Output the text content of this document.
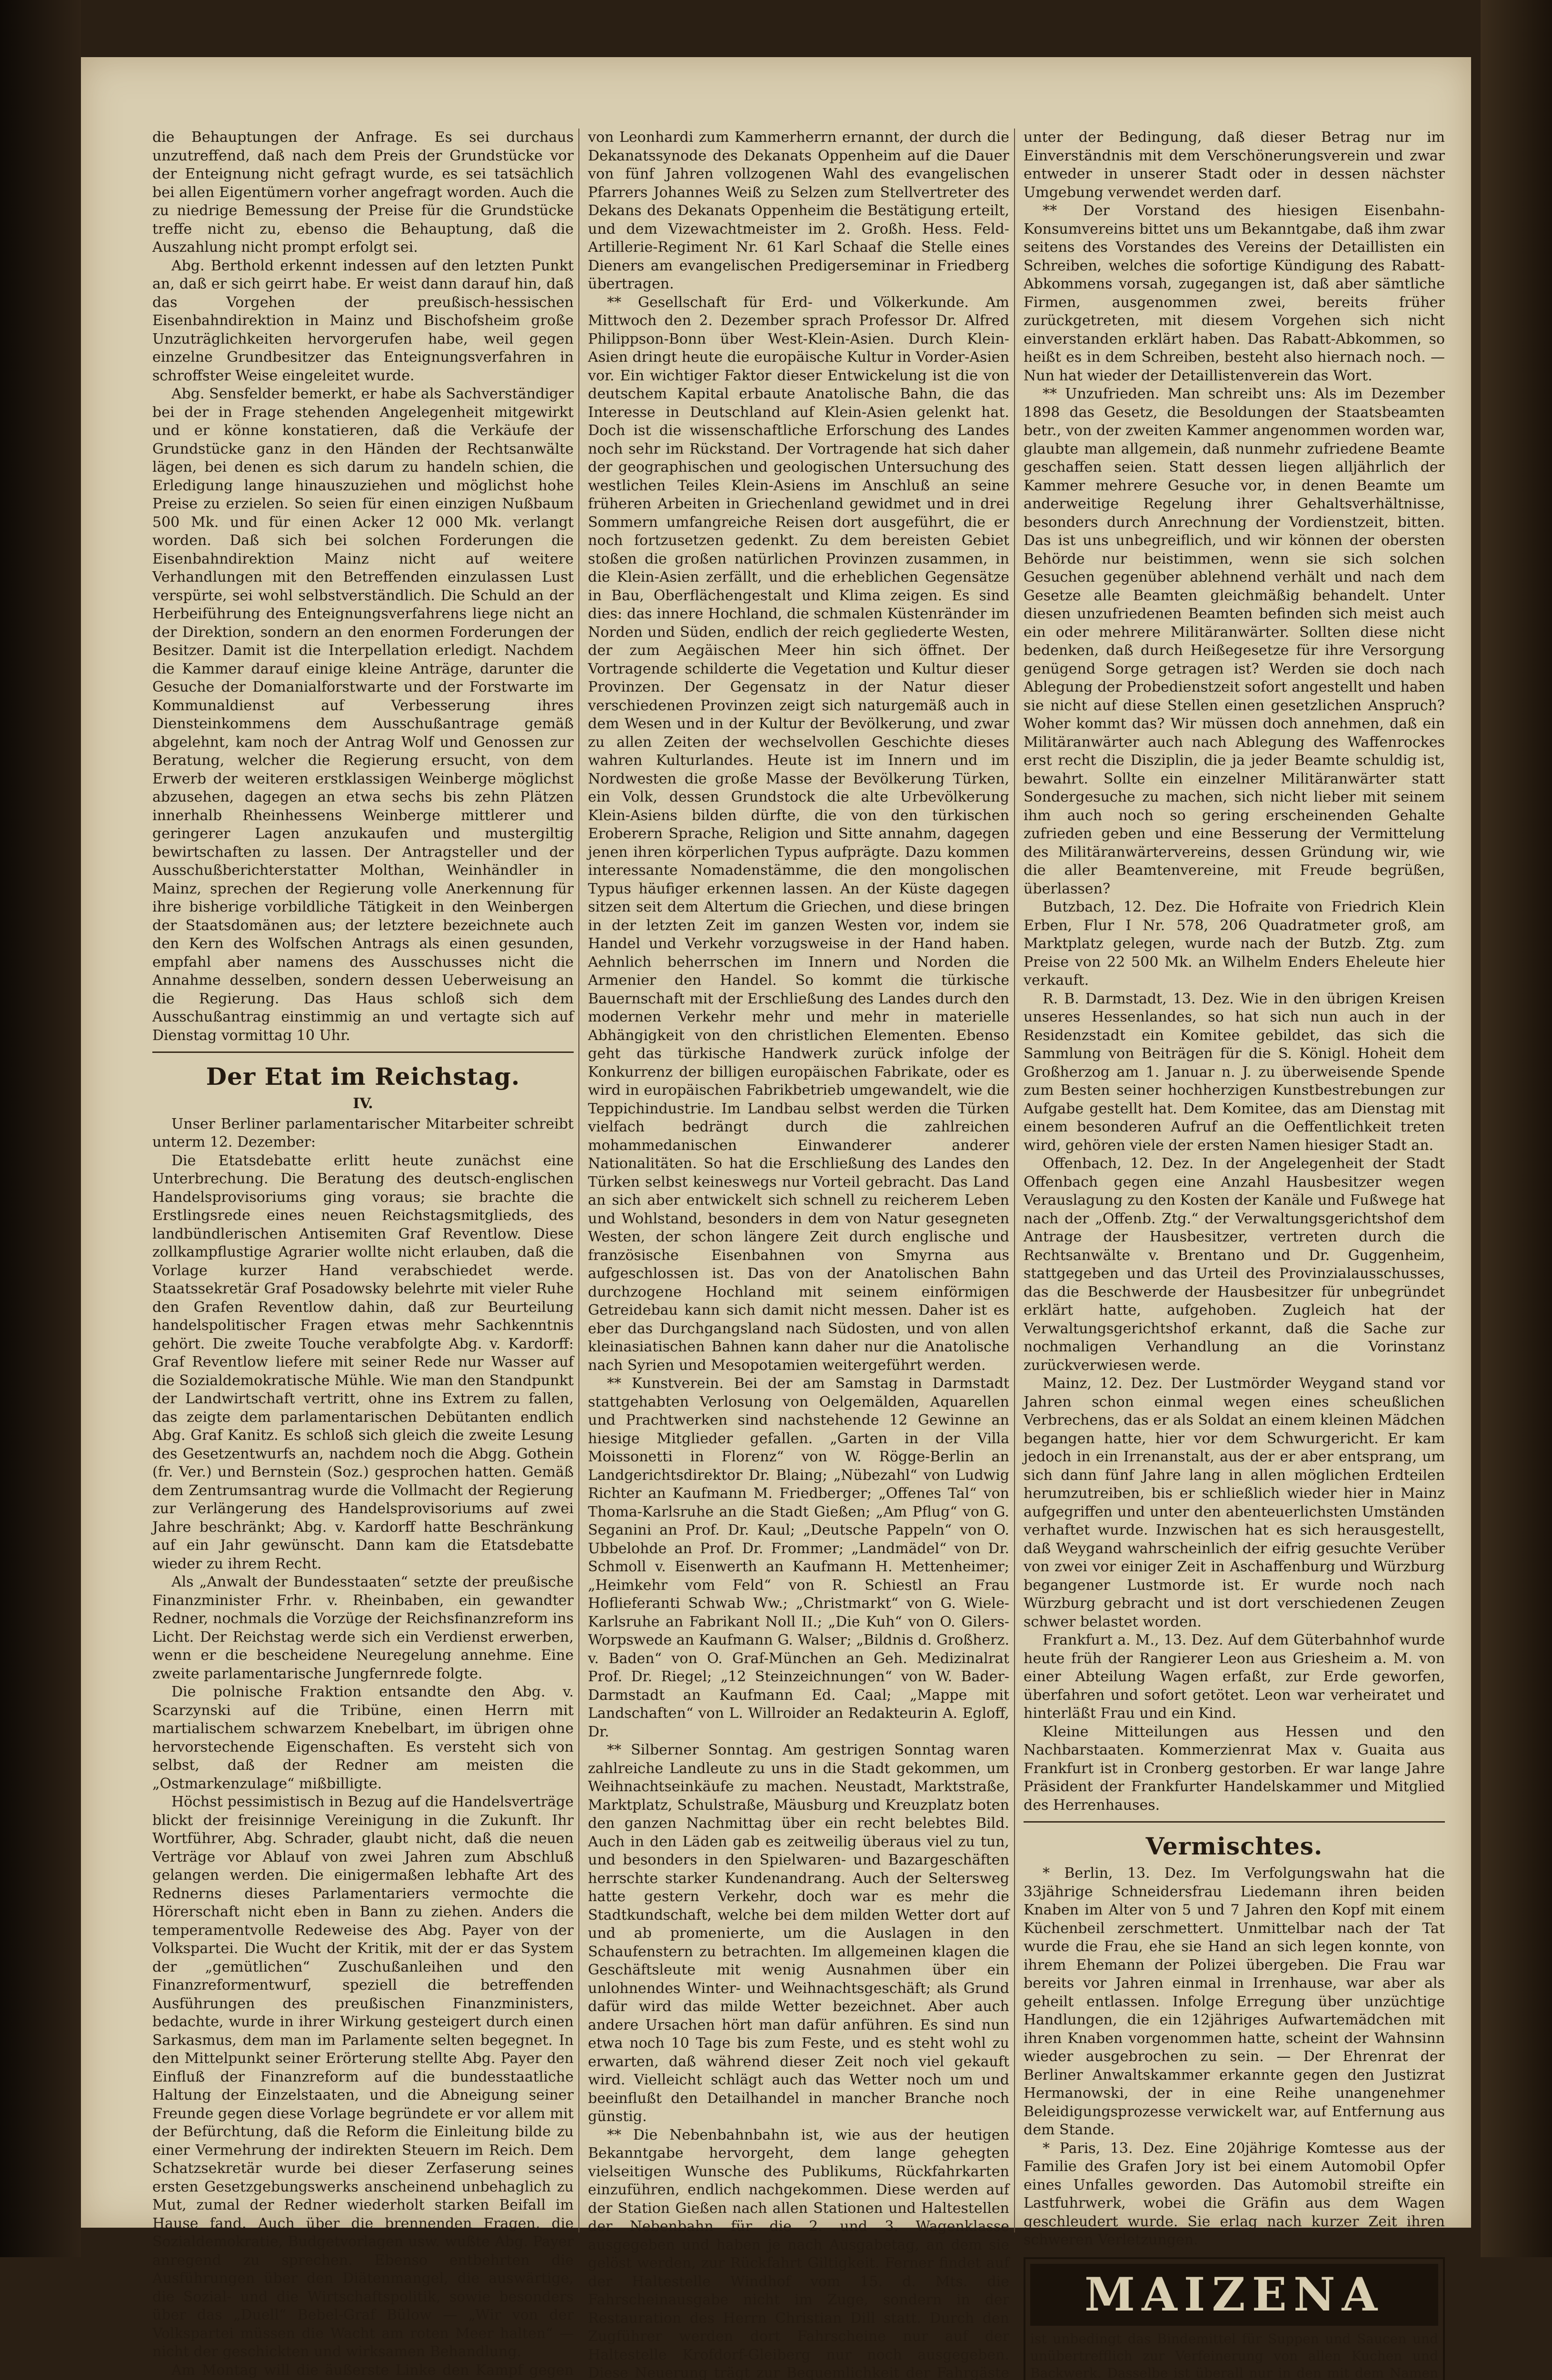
die Behauptungen der Anfrage. Es sei durchaus unzutreffend, daß nach dem Preis der Grundstücke vor der Enteignung nicht gefragt wurde, es sei tatsächlich bei allen Eigentümern vorher angefragt worden. Auch die zu niedrige Bemessung der Preise für die Grundstücke treffe nicht zu, ebenso die Behauptung, daß die Auszahlung nicht prompt erfolgt sei.

Abg. Berthold erkennt indessen auf den letzten Punkt an, daß er sich geirrt habe. Er weist dann darauf hin, daß das Vorgehen der preußisch-hessischen Eisenbahndirektion in Mainz und Bischofsheim große Unzuträglichkeiten hervorgerufen habe, weil gegen einzelne Grundbesitzer das Enteignungsverfahren in schroffster Weise eingeleitet wurde.

Abg. Sensfelder bemerkt, er habe als Sachverständiger bei der in Frage stehenden Angelegenheit mitgewirkt und er könne konstatieren, daß die Verkäufe der Grundstücke ganz in den Händen der Rechtsanwälte lägen, bei denen es sich darum zu handeln schien, die Erledigung lange hinauszuziehen und möglichst hohe Preise zu erzielen. So seien für einen einzigen Nußbaum 500 Mk. und für einen Acker 12 000 Mk. verlangt worden. Daß sich bei solchen Forderungen die Eisenbahndirektion Mainz nicht auf weitere Verhandlungen mit den Betreffenden einzulassen Lust verspürte, sei wohl selbstverständlich. Die Schuld an der Herbeiführung des Enteignungsverfahrens liege nicht an der Direktion, sondern an den enormen Forderungen der Besitzer. Damit ist die Interpellation erledigt. Nachdem die Kammer darauf einige kleine Anträge, darunter die Gesuche der Domanialforstwarte und der Forstwarte im Kommunaldienst auf Verbesserung ihres Diensteinkommens dem Ausschußantrage gemäß abgelehnt, kam noch der Antrag Wolf und Genossen zur Beratung, welcher die Regierung ersucht, von dem Erwerb der weiteren erstklassigen Weinberge möglichst abzusehen, dagegen an etwa sechs bis zehn Plätzen innerhalb Rheinhessens Weinberge mittlerer und geringerer Lagen anzukaufen und mustergiltig bewirtschaften zu lassen. Der Antragsteller und der Ausschußberichterstatter Molthan, Weinhändler in Mainz, sprechen der Regierung volle Anerkennung für ihre bisherige vorbildliche Tätigkeit in den Weinbergen der Staatsdomänen aus; der letztere bezeichnete auch den Kern des Wolfschen Antrags als einen gesunden, empfahl aber namens des Ausschusses nicht die Annahme desselben, sondern dessen Ueberweisung an die Regierung. Das Haus schloß sich dem Ausschußantrag einstimmig an und vertagte sich auf Dienstag vormittag 10 Uhr.

Der Etat im Reichstag.
IV.

Unser Berliner parlamentarischer Mitarbeiter schreibt unterm 12. Dezember:

Die Etatsdebatte erlitt heute zunächst eine Unterbrechung. Die Beratung des deutsch-englischen Handelsprovisoriums ging voraus; sie brachte die Erstlingsrede eines neuen Reichstagsmitglieds, des landbündlerischen Antisemiten Graf Reventlow. Diese zollkampflustige Agrarier wollte nicht erlauben, daß die Vorlage kurzer Hand verabschiedet werde. Staatssekretär Graf Posadowsky belehrte mit vieler Ruhe den Grafen Reventlow dahin, daß zur Beurteilung handelspolitischer Fragen etwas mehr Sachkenntnis gehört. Die zweite Touche verabfolgte Abg. v. Kardorff: Graf Reventlow liefere mit seiner Rede nur Wasser auf die Sozialdemokratische Mühle. Wie man den Standpunkt der Landwirtschaft vertritt, ohne ins Extrem zu fallen, das zeigte dem parlamentarischen Debütanten endlich Abg. Graf Kanitz. Es schloß sich gleich die zweite Lesung des Gesetzentwurfs an, nachdem noch die Abgg. Gothein (fr. Ver.) und Bernstein (Soz.) gesprochen hatten. Gemäß dem Zentrumsantrag wurde die Vollmacht der Regierung zur Verlängerung des Handelsprovisoriums auf zwei Jahre beschränkt; Abg. v. Kardorff hatte Beschränkung auf ein Jahr gewünscht. Dann kam die Etatsdebatte wieder zu ihrem Recht.

Als „Anwalt der Bundesstaaten“ setzte der preußische Finanzminister Frhr. v. Rheinbaben, ein gewandter Redner, nochmals die Vorzüge der Reichsfinanzreform ins Licht. Der Reichstag werde sich ein Verdienst erwerben, wenn er die bescheidene Neuregelung annehme. Eine zweite parlamentarische Jungfernrede folgte.

Die polnische Fraktion entsandte den Abg. v. Scarzynski auf die Tribüne, einen Herrn mit martialischem schwarzem Knebelbart, im übrigen ohne hervorstechende Eigenschaften. Es versteht sich von selbst, daß der Redner am meisten die „Ostmarkenzulage“ mißbilligte.

Höchst pessimistisch in Bezug auf die Handelsverträge blickt der freisinnige Vereinigung in die Zukunft. Ihr Wortführer, Abg. Schrader, glaubt nicht, daß die neuen Verträge vor Ablauf von zwei Jahren zum Abschluß gelangen werden. Die einigermaßen lebhafte Art des Rednerns dieses Parlamentariers vermochte die Hörerschaft nicht eben in Bann zu ziehen. Anders die temperamentvolle Redeweise des Abg. Payer von der Volkspartei. Die Wucht der Kritik, mit der er das System der „gemütlichen“ Zuschußanleihen und den Finanzreformentwurf, speziell die betreffenden Ausführungen des preußischen Finanzministers, bedachte, wurde in ihrer Wirkung gesteigert durch einen Sarkasmus, dem man im Parlamente selten begegnet. In den Mittelpunkt seiner Erörterung stellte Abg. Payer den Einfluß der Finanzreform auf die bundesstaatliche Haltung der Einzelstaaten, und die Abneigung seiner Freunde gegen diese Vorlage begründete er vor allem mit der Befürchtung, daß die Reform die Einleitung bilde zu einer Vermehrung der indirekten Steuern im Reich. Dem Schatzsekretär wurde bei dieser Zerfaserung seines ersten Gesetzgebungswerks anscheinend unbehaglich zu Mut, zumal der Redner wiederholt starken Beifall im Hause fand. Auch über die brennenden Fragen, die Sozialdemokratie, Budgetvorlagen usw. wußte Abg. Payer anregend zu sprechen. Ebenso entbehrten die Ausführungen über den Diätenmangel, die auswärtige, die Sozial- und die Wirtschaftspolitik, sowie besonders über das „Duell“ Bebel-Graf Bülow — „Wir von der Volkspartei müssen die Wacht am roten Meer halten“ — nicht der geschickten und wirksamen Behandlung.

Am Montag will die äußerste Linke den Kampf gegen

von Leonhardi zum Kammerherrn ernannt, der durch die Dekanatssynode des Dekanats Oppenheim auf die Dauer von fünf Jahren vollzogenen Wahl des evangelischen Pfarrers Johannes Weiß zu Selzen zum Stellvertreter des Dekans des Dekanats Oppenheim die Bestätigung erteilt, und dem Vizewachtmeister im 2. Großh. Hess. Feld-Artillerie-Regiment Nr. 61 Karl Schaaf die Stelle eines Dieners am evangelischen Predigerseminar in Friedberg übertragen.

** Gesellschaft für Erd- und Völkerkunde. Am Mittwoch den 2. Dezember sprach Professor Dr. Alfred Philippson-Bonn über West-Klein-Asien. Durch Klein-Asien dringt heute die europäische Kultur in Vorder-Asien vor. Ein wichtiger Faktor dieser Entwickelung ist die von deutschem Kapital erbaute Anatolische Bahn, die das Interesse in Deutschland auf Klein-Asien gelenkt hat. Doch ist die wissenschaftliche Erforschung des Landes noch sehr im Rückstand. Der Vortragende hat sich daher der geographischen und geologischen Untersuchung des westlichen Teiles Klein-Asiens im Anschluß an seine früheren Arbeiten in Griechenland gewidmet und in drei Sommern umfangreiche Reisen dort ausgeführt, die er noch fortzusetzen gedenkt. Zu dem bereisten Gebiet stoßen die großen natürlichen Provinzen zusammen, in die Klein-Asien zerfällt, und die erheblichen Gegensätze in Bau, Oberflächengestalt und Klima zeigen. Es sind dies: das innere Hochland, die schmalen Küstenränder im Norden und Süden, endlich der reich gegliederte Westen, der zum Aegäischen Meer hin sich öffnet. Der Vortragende schilderte die Vegetation und Kultur dieser Provinzen. Der Gegensatz in der Natur dieser verschiedenen Provinzen zeigt sich naturgemäß auch in dem Wesen und in der Kultur der Bevölkerung, und zwar zu allen Zeiten der wechselvollen Geschichte dieses wahren Kulturlandes. Heute ist im Innern und im Nordwesten die große Masse der Bevölkerung Türken, ein Volk, dessen Grundstock die alte Urbevölkerung Klein-Asiens bilden dürfte, die von den türkischen Eroberern Sprache, Religion und Sitte annahm, dagegen jenen ihren körperlichen Typus aufprägte. Dazu kommen interessante Nomadenstämme, die den mongolischen Typus häufiger erkennen lassen. An der Küste dagegen sitzen seit dem Altertum die Griechen, und diese bringen in der letzten Zeit im ganzen Westen vor, indem sie Handel und Verkehr vorzugsweise in der Hand haben. Aehnlich beherrschen im Innern und Norden die Armenier den Handel. So kommt die türkische Bauernschaft mit der Erschließung des Landes durch den modernen Verkehr mehr und mehr in materielle Abhängigkeit von den christlichen Elementen. Ebenso geht das türkische Handwerk zurück infolge der Konkurrenz der billigen europäischen Fabrikate, oder es wird in europäischen Fabrikbetrieb umgewandelt, wie die Teppichindustrie. Im Landbau selbst werden die Türken vielfach bedrängt durch die zahlreichen mohammedanischen Einwanderer anderer Nationalitäten. So hat die Erschließung des Landes den Türken selbst keineswegs nur Vorteil gebracht. Das Land an sich aber entwickelt sich schnell zu reicherem Leben und Wohlstand, besonders in dem von Natur gesegneten Westen, der schon längere Zeit durch englische und französische Eisenbahnen von Smyrna aus aufgeschlossen ist. Das von der Anatolischen Bahn durchzogene Hochland mit seinem einförmigen Getreidebau kann sich damit nicht messen. Daher ist es eber das Durchgangsland nach Südosten, und von allen kleinasiatischen Bahnen kann daher nur die Anatolische nach Syrien und Mesopotamien weitergeführt werden.

** Kunstverein. Bei der am Samstag in Darmstadt stattgehabten Verlosung von Oelgemälden, Aquarellen und Prachtwerken sind nachstehende 12 Gewinne an hiesige Mitglieder gefallen. „Garten in der Villa Moissonetti in Florenz“ von W. Rögge-Berlin an Landgerichtsdirektor Dr. Blaing; „Nübezahl“ von Ludwig Richter an Kaufmann M. Friedberger; „Offenes Tal“ von Thoma-Karlsruhe an die Stadt Gießen; „Am Pflug“ von G. Seganini an Prof. Dr. Kaul; „Deutsche Pappeln“ von O. Ubbelohde an Prof. Dr. Frommer; „Landmädel“ von Dr. Schmoll v. Eisenwerth an Kaufmann H. Mettenheimer; „Heimkehr vom Feld“ von R. Schiestl an Frau Hoflieferanti Schwab Ww.; „Christmarkt“ von G. Wiele-Karlsruhe an Fabrikant Noll II.; „Die Kuh“ von O. Gilers-Worpswede an Kaufmann G. Walser; „Bildnis d. Großherz. v. Baden“ von O. Graf-München an Geh. Medizinalrat Prof. Dr. Riegel; „12 Steinzeichnungen“ von W. Bader-Darmstadt an Kaufmann Ed. Caal; „Mappe mit Landschaften“ von L. Willroider an Redakteurin A. Egloff, Dr.

** Silberner Sonntag. Am gestrigen Sonntag waren zahlreiche Landleute zu uns in die Stadt gekommen, um Weihnachtseinkäufe zu machen. Neustadt, Marktstraße, Marktplatz, Schulstraße, Mäusburg und Kreuzplatz boten den ganzen Nachmittag über ein recht belebtes Bild. Auch in den Läden gab es zeitweilig überaus viel zu tun, und besonders in den Spielwaren- und Bazargeschäften herrschte starker Kundenandrang. Auch der Seltersweg hatte gestern Verkehr, doch war es mehr die Stadtkundschaft, welche bei dem milden Wetter dort auf und ab promenierte, um die Auslagen in den Schaufenstern zu betrachten. Im allgemeinen klagen die Geschäftsleute mit wenig Ausnahmen über ein unlohnendes Winter- und Weihnachtsgeschäft; als Grund dafür wird das milde Wetter bezeichnet. Aber auch andere Ursachen hört man dafür anführen. Es sind nun etwa noch 10 Tage bis zum Feste, und es steht wohl zu erwarten, daß während dieser Zeit noch viel gekauft wird. Vielleicht schlägt auch das Wetter noch um und beeinflußt den Detailhandel in mancher Branche noch günstig.

** Die Nebenbahnbahn ist, wie aus der heutigen Bekanntgabe hervorgeht, dem lange gehegten vielseitigen Wunsche des Publikums, Rückfahrkarten einzuführen, endlich nachgekommen. Diese werden auf der Station Gießen nach allen Stationen und Haltestellen der Nebenbahn für die 2. und 3. Wagenklasse ausgegeben und haben je nach Ausgabetag, an dem sie gelöst werden, zur Rückfahrt Giltigkeit. Ferner findet auf der Haltestelle Windhof vom 15. d. Mts. die Fahrscheinausgabe nicht im Zuge, sondern in der Restauration des Herrn Christian Dill statt. Durch den Zugführer werden dort Fahrscheine nur auf der Haltestelle Krofdorf-Gleiberg nur noch ausgegeben. Diese Neuerung trägt zur Bequemlichkeit der Fahrgäste

unter der Bedingung, daß dieser Betrag nur im Einverständnis mit dem Verschönerungsverein und zwar entweder in unserer Stadt oder in dessen nächster Umgebung verwendet werden darf.

** Der Vorstand des hiesigen Eisenbahn-Konsumvereins bittet uns um Bekanntgabe, daß ihm zwar seitens des Vorstandes des Vereins der Detaillisten ein Schreiben, welches die sofortige Kündigung des Rabatt-Abkommens vorsah, zugegangen ist, daß aber sämtliche Firmen, ausgenommen zwei, bereits früher zurückgetreten, mit diesem Vorgehen sich nicht einverstanden erklärt haben. Das Rabatt-Abkommen, so heißt es in dem Schreiben, besteht also hiernach noch. — Nun hat wieder der Detaillistenverein das Wort.

** Unzufrieden. Man schreibt uns: Als im Dezember 1898 das Gesetz, die Besoldungen der Staatsbeamten betr., von der zweiten Kammer angenommen worden war, glaubte man allgemein, daß nunmehr zufriedene Beamte geschaffen seien. Statt dessen liegen alljährlich der Kammer mehrere Gesuche vor, in denen Beamte um anderweitige Regelung ihrer Gehaltsverhältnisse, besonders durch Anrechnung der Vordienstzeit, bitten. Das ist uns unbegreiflich, und wir können der obersten Behörde nur beistimmen, wenn sie sich solchen Gesuchen gegenüber ablehnend verhält und nach dem Gesetze alle Beamten gleichmäßig behandelt. Unter diesen unzufriedenen Beamten befinden sich meist auch ein oder mehrere Militäranwärter. Sollten diese nicht bedenken, daß durch Heißegesetze für ihre Versorgung genügend Sorge getragen ist? Werden sie doch nach Ablegung der Probedienstzeit sofort angestellt und haben sie nicht auf diese Stellen einen gesetzlichen Anspruch? Woher kommt das? Wir müssen doch annehmen, daß ein Militäranwärter auch nach Ablegung des Waffenrockes erst recht die Disziplin, die ja jeder Beamte schuldig ist, bewahrt. Sollte ein einzelner Militäranwärter statt Sondergesuche zu machen, sich nicht lieber mit seinem ihm auch noch so gering erscheinenden Gehalte zufrieden geben und eine Besserung der Vermittelung des Militäranwärtervereins, dessen Gründung wir, wie die aller Beamtenvereine, mit Freude begrüßen, überlassen?

Butzbach, 12. Dez. Die Hofraite von Friedrich Klein Erben, Flur I Nr. 578, 206 Quadratmeter groß, am Marktplatz gelegen, wurde nach der Butzb. Ztg. zum Preise von 22 500 Mk. an Wilhelm Enders Eheleute hier verkauft.

R. B. Darmstadt, 13. Dez. Wie in den übrigen Kreisen unseres Hessenlandes, so hat sich nun auch in der Residenzstadt ein Komitee gebildet, das sich die Sammlung von Beiträgen für die S. Königl. Hoheit dem Großherzog am 1. Januar n. J. zu überweisende Spende zum Besten seiner hochherzigen Kunstbestrebungen zur Aufgabe gestellt hat. Dem Komitee, das am Dienstag mit einem besonderen Aufruf an die Oeffentlichkeit treten wird, gehören viele der ersten Namen hiesiger Stadt an.

Offenbach, 12. Dez. In der Angelegenheit der Stadt Offenbach gegen eine Anzahl Hausbesitzer wegen Verauslagung zu den Kosten der Kanäle und Fußwege hat nach der „Offenb. Ztg.“ der Verwaltungsgerichtshof dem Antrage der Hausbesitzer, vertreten durch die Rechtsanwälte v. Brentano und Dr. Guggenheim, stattgegeben und das Urteil des Provinzialausschusses, das die Beschwerde der Hausbesitzer für unbegründet erklärt hatte, aufgehoben. Zugleich hat der Verwaltungsgerichtshof erkannt, daß die Sache zur nochmaligen Verhandlung an die Vorinstanz zurückverwiesen werde.

Mainz, 12. Dez. Der Lustmörder Weygand stand vor Jahren schon einmal wegen eines scheußlichen Verbrechens, das er als Soldat an einem kleinen Mädchen begangen hatte, hier vor dem Schwurgericht. Er kam jedoch in ein Irrenanstalt, aus der er aber entsprang, um sich dann fünf Jahre lang in allen möglichen Erdteilen herumzutreiben, bis er schließlich wieder hier in Mainz aufgegriffen und unter den abenteuerlichsten Umständen verhaftet wurde. Inzwischen hat es sich herausgestellt, daß Weygand wahrscheinlich der eifrig gesuchte Verüber von zwei vor einiger Zeit in Aschaffenburg und Würzburg begangener Lustmorde ist. Er wurde noch nach Würzburg gebracht und ist dort verschiedenen Zeugen schwer belastet worden.

Frankfurt a. M., 13. Dez. Auf dem Güterbahnhof wurde heute früh der Rangierer Leon aus Griesheim a. M. von einer Abteilung Wagen erfaßt, zur Erde geworfen, überfahren und sofort getötet. Leon war verheiratet und hinterläßt Frau und ein Kind.

Kleine Mitteilungen aus Hessen und den Nachbarstaaten. Kommerzienrat Max v. Guaita aus Frankfurt ist in Cronberg gestorben. Er war lange Jahre Präsident der Frankfurter Handelskammer und Mitglied des Herrenhauses.

Vermischtes.

* Berlin, 13. Dez. Im Verfolgungswahn hat die 33jährige Schneidersfrau Liedemann ihren beiden Knaben im Alter von 5 und 7 Jahren den Kopf mit einem Küchenbeil zerschmettert. Unmittelbar nach der Tat wurde die Frau, ehe sie Hand an sich legen konnte, von ihrem Ehemann der Polizei übergeben. Die Frau war bereits vor Jahren einmal in Irrenhause, war aber als geheilt entlassen. Infolge Erregung über unzüchtige Handlungen, die ein 12jähriges Aufwartemädchen mit ihren Knaben vorgenommen hatte, scheint der Wahnsinn wieder ausgebrochen zu sein. — Der Ehrenrat der Berliner Anwaltskammer erkannte gegen den Justizrat Hermanowski, der in eine Reihe unangenehmer Beleidigungsprozesse verwickelt war, auf Entfernung aus dem Stande.

* Paris, 13. Dez. Eine 20jährige Komtesse aus der Familie des Grafen Jory ist bei einem Automobil Opfer eines Unfalles geworden. Das Automobil streifte ein Lastfuhrwerk, wobei die Gräfin aus dem Wagen geschleudert wurde. Sie erlag nach kurzer Zeit ihren schweren Verletzungen.

MAIZENA
ist unbedingt das Bindemittel für Suppen und Saucen und unübertrefflich zur Verfeinerung von allen Kuchen und Backwerk. Dasselbe ist überall nur in den mit dem Namen
